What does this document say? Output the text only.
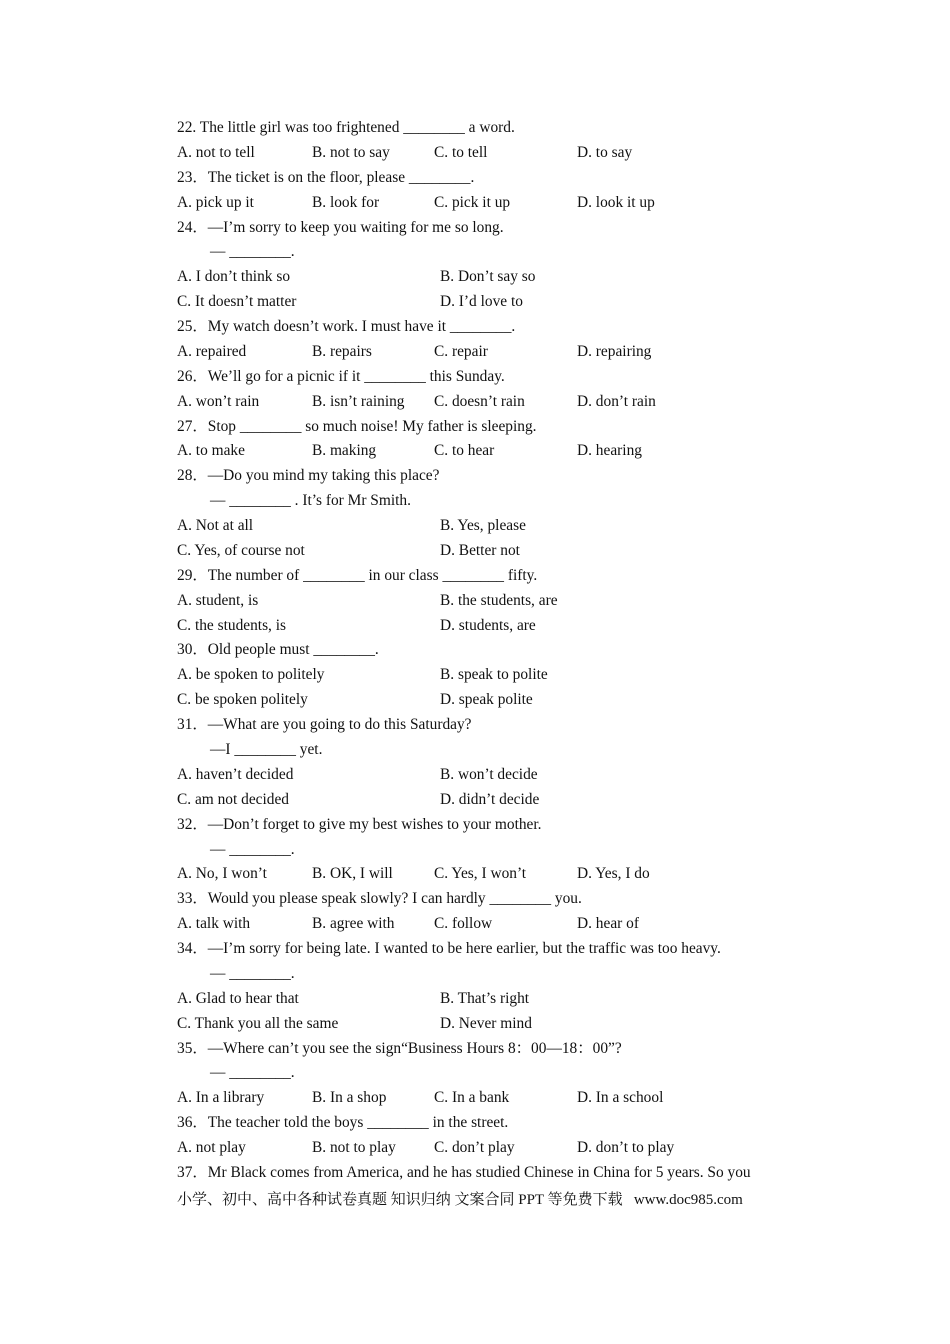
22. The little girl was too frightened ________ a word.
A. not to tell	B. not to say	C. to tell	D. to say
23．The ticket is on the floor, please ________.
A. pick up it	B. look for	C. pick it up	D. look it up
24．—I’m sorry to keep you waiting for me so long.
— ________.
A. I don’t think so	B. Don’t say so
C. It doesn’t matter	D. I’d love to
25．My watch doesn’t work. I must have it ________.
A. repaired	B. repairs	C. repair	D. repairing
26．We’ll go for a picnic if it ________ this Sunday.
A. won’t rain	B. isn’t raining C. doesn’t rain	D. don’t rain
27．Stop ________ so much noise! My father is sleeping.
A. to make	B. making	C. to hear	D. hearing
28．—Do you mind my taking this place?
— ________ . It’s for Mr Smith.
A. Not at all	B. Yes, please
C. Yes, of course not	D. Better not
29．The number of ________ in our class ________ fifty.
A. student, is	B. the students, are
C. the students, is	D. students, are
30．Old people must ________.
A. be spoken to politely	B. speak to polite
C. be spoken politely	D. speak polite
31．—What are you going to do this Saturday?
—I ________ yet.
A. haven’t decided	B. won’t decide
C. am not decided	D. didn’t decide
32．—Don’t forget to give my best wishes to your mother.
— ________.
A. No, I won’t	B. OK, I will	C. Yes, I won’t	D. Yes, I do
33．Would you please speak slowly? I can hardly ________ you.
A. talk with	B. agree with	C. follow	D. hear of
34．—I’m sorry for being late. I wanted to be here earlier, but the traffic was too heavy.
— ________.
A. Glad to hear that	B. That’s right
C. Thank you all the same	D. Never mind
35．—Where can’t you see the sign“Business Hours 8：00—18：00”?
— ________.
A. In a library	B. In a shop	C. In a bank	D. In a school
36．The teacher told the boys ________ in the street.
A. not play	B. not to play C. don’t play	D. don’t to play
37．Mr Black comes from America, and he has studied Chinese in China for 5 years. So you
小学、初中、高中各种试卷真题 知识归纳 文案合同 PPT 等免费下载   www.doc985.com
